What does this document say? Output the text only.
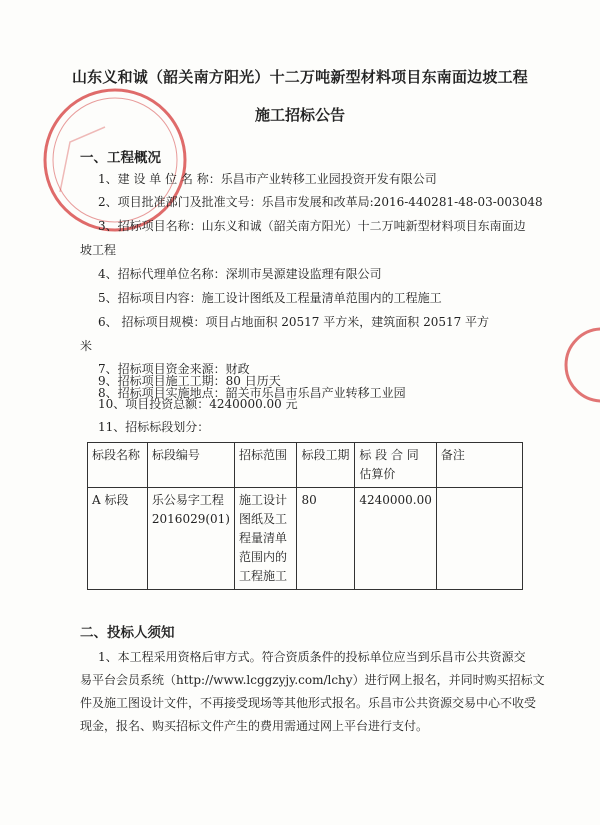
山东义和诚（韶关南方阳光）十二万吨新型材料项目东南面边坡工程
施工招标公告
一、工程概况
1、建 设 单 位 名 称：乐昌市产业转移工业园投资开发有限公司
2、项目批准部门及批准文号：乐昌市发展和改革局:2016-440281-48-03-003048
3、招标项目名称：山东义和诚（韶关南方阳光）十二万吨新型材料项目东南面边
坡工程
4、招标代理单位名称：深圳市昊源建设监理有限公司
5、招标项目内容：施工设计图纸及工程量清单范围内的工程施工
6、 招标项目规模：项目占地面积 20517 平方米，建筑面积 20517 平方
米
7、招标项目资金来源：财政
8、招标项目实施地点：韶关市乐昌市乐昌产业转移工业园
9、招标项目施工工期：80 日历天
10、项目投资总额：4240000.00 元
标段名称	标段编号	招标范围	标段工期	标 段 合 同 估算价	备注
A 标段	乐公易字工程 2016029(01)	施工设计图纸及工程量清单范围内的工程施工	80	4240000.00	
二、投标人须知
1、本工程采用资格后审方式。符合资质条件的投标单位应当到乐昌市公共资源交
易平台会员系统（http://www.lcggzyjy.com/lchy）进行网上报名，并同时购买招标文
件及施工图设计文件，不再接受现场等其他形式报名。乐昌市公共资源交易中心不收受
现金，报名、购买招标文件产生的费用需通过网上平台进行支付。
11、招标标段划分：
